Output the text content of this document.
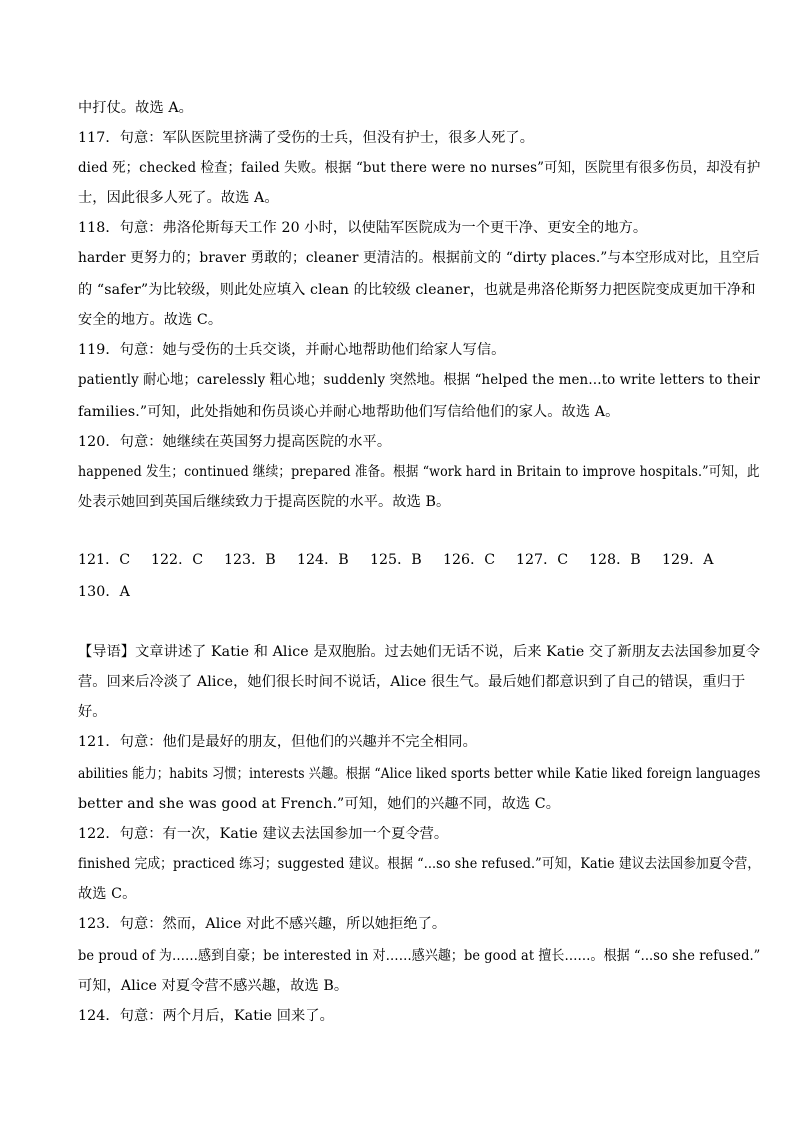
中打仗。故选 A。
117．句意：军队医院里挤满了受伤的士兵，但没有护士，很多人死了。
died 死；checked 检查；failed 失败。根据 “but there were no nurses”可知，医院里有很多伤员，却没有护
士，因此很多人死了。故选 A。
118．句意：弗洛伦斯每天工作 20 小时，以使陆军医院成为一个更干净、更安全的地方。
harder 更努力的；braver 勇敢的；cleaner 更清洁的。根据前文的 “dirty places.”与本空形成对比，且空后
的 “safer”为比较级，则此处应填入 clean 的比较级 cleaner，也就是弗洛伦斯努力把医院变成更加干净和
安全的地方。故选 C。
119．句意：她与受伤的士兵交谈，并耐心地帮助他们给家人写信。
patiently 耐心地；carelessly 粗心地；suddenly 突然地。根据 “helped the men…to write letters to their
families.”可知，此处指她和伤员谈心并耐心地帮助他们写信给他们的家人。故选 A。
120．句意：她继续在英国努力提高医院的水平。
happened 发生；continued 继续；prepared 准备。根据 “work hard in Britain to improve hospitals.”可知，此
处表示她回到英国后继续致力于提高医院的水平。故选 B。
121．C 122．C 123．B 124．B 125．B 126．C 127．C 128．B 129．A
130．A
【导语】文章讲述了 Katie 和 Alice 是双胞胎。过去她们无话不说，后来 Katie 交了新朋友去法国参加夏令
营。回来后冷淡了 Alice，她们很长时间不说话，Alice 很生气。最后她们都意识到了自己的错误，重归于
好。
121．句意：他们是最好的朋友，但他们的兴趣并不完全相同。
abilities 能力；habits 习惯；interests 兴趣。根据 “Alice liked sports better while Katie liked foreign languages
better and she was good at French.”可知，她们的兴趣不同，故选 C。
122．句意：有一次，Katie 建议去法国参加一个夏令营。
finished 完成；practiced 练习；suggested 建议。根据 “...so she refused.”可知，Katie 建议去法国参加夏令营，
故选 C。
123．句意：然而，Alice 对此不感兴趣，所以她拒绝了。
be proud of 为……感到自豪；be interested in 对……感兴趣；be good at 擅长……。根据 “...so she refused.”
可知，Alice 对夏令营不感兴趣，故选 B。
124．句意：两个月后，Katie 回来了。
